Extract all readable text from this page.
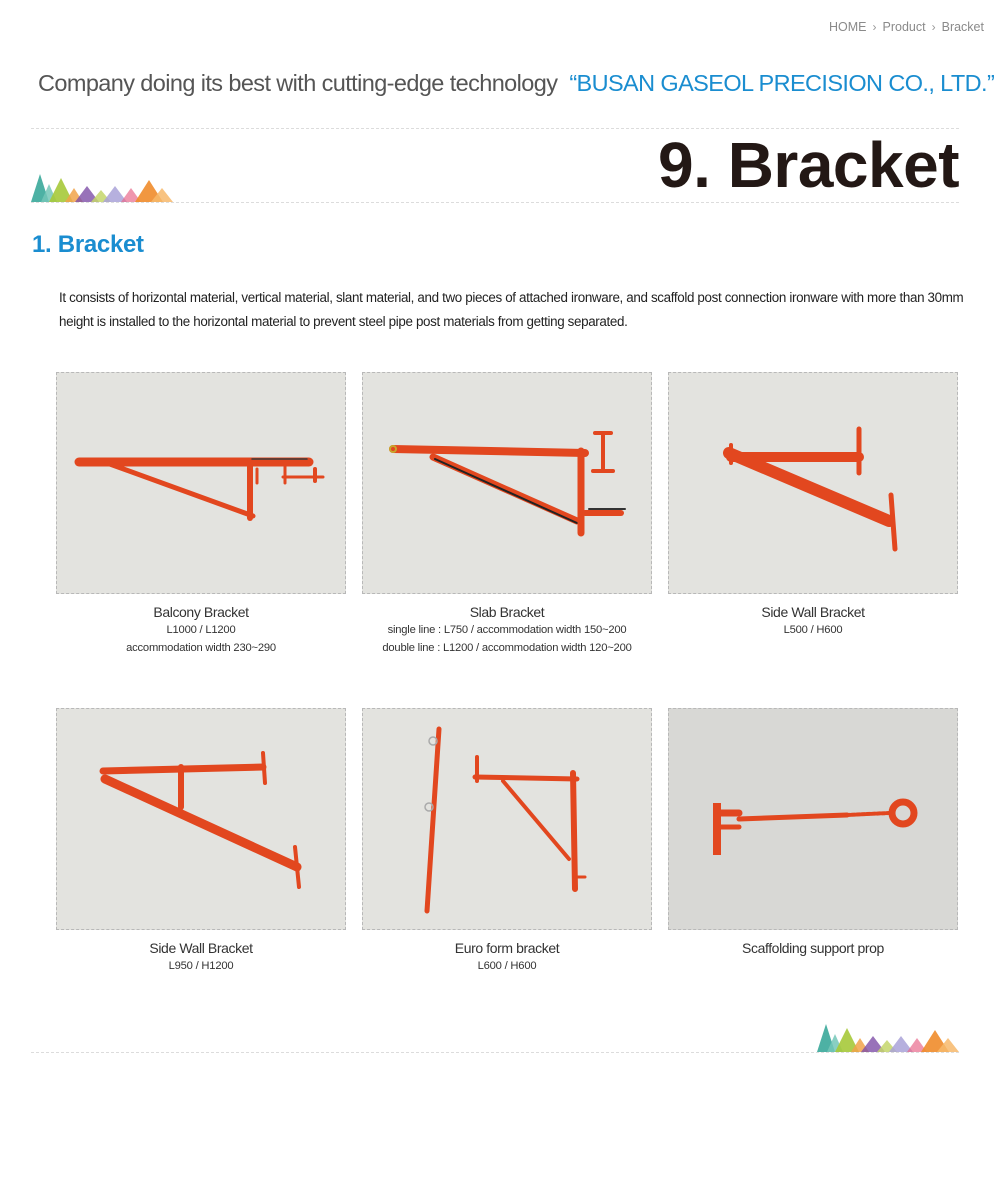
HOME › Product › Bracket
Company doing its best with cutting-edge technology “BUSAN GASEOL PRECISION CO., LTD.”
9. Bracket
1. Bracket

It consists of horizontal material, vertical material, slant material, and two pieces of attached ironware, and scaffold post connection ironware with more than 30mm height is installed to the horizontal material to prevent steel pipe post materials from getting separated.

Balcony Bracket
L1000 / L1200
accommodation width 230~290
Slab Bracket
single line : L750 / accommodation width 150~200
double line : L1200 / accommodation width 120~200
Side Wall Bracket
L500 / H600
Side Wall Bracket
L950 / H1200
Euro form bracket
L600 / H600
Scaffolding support prop
